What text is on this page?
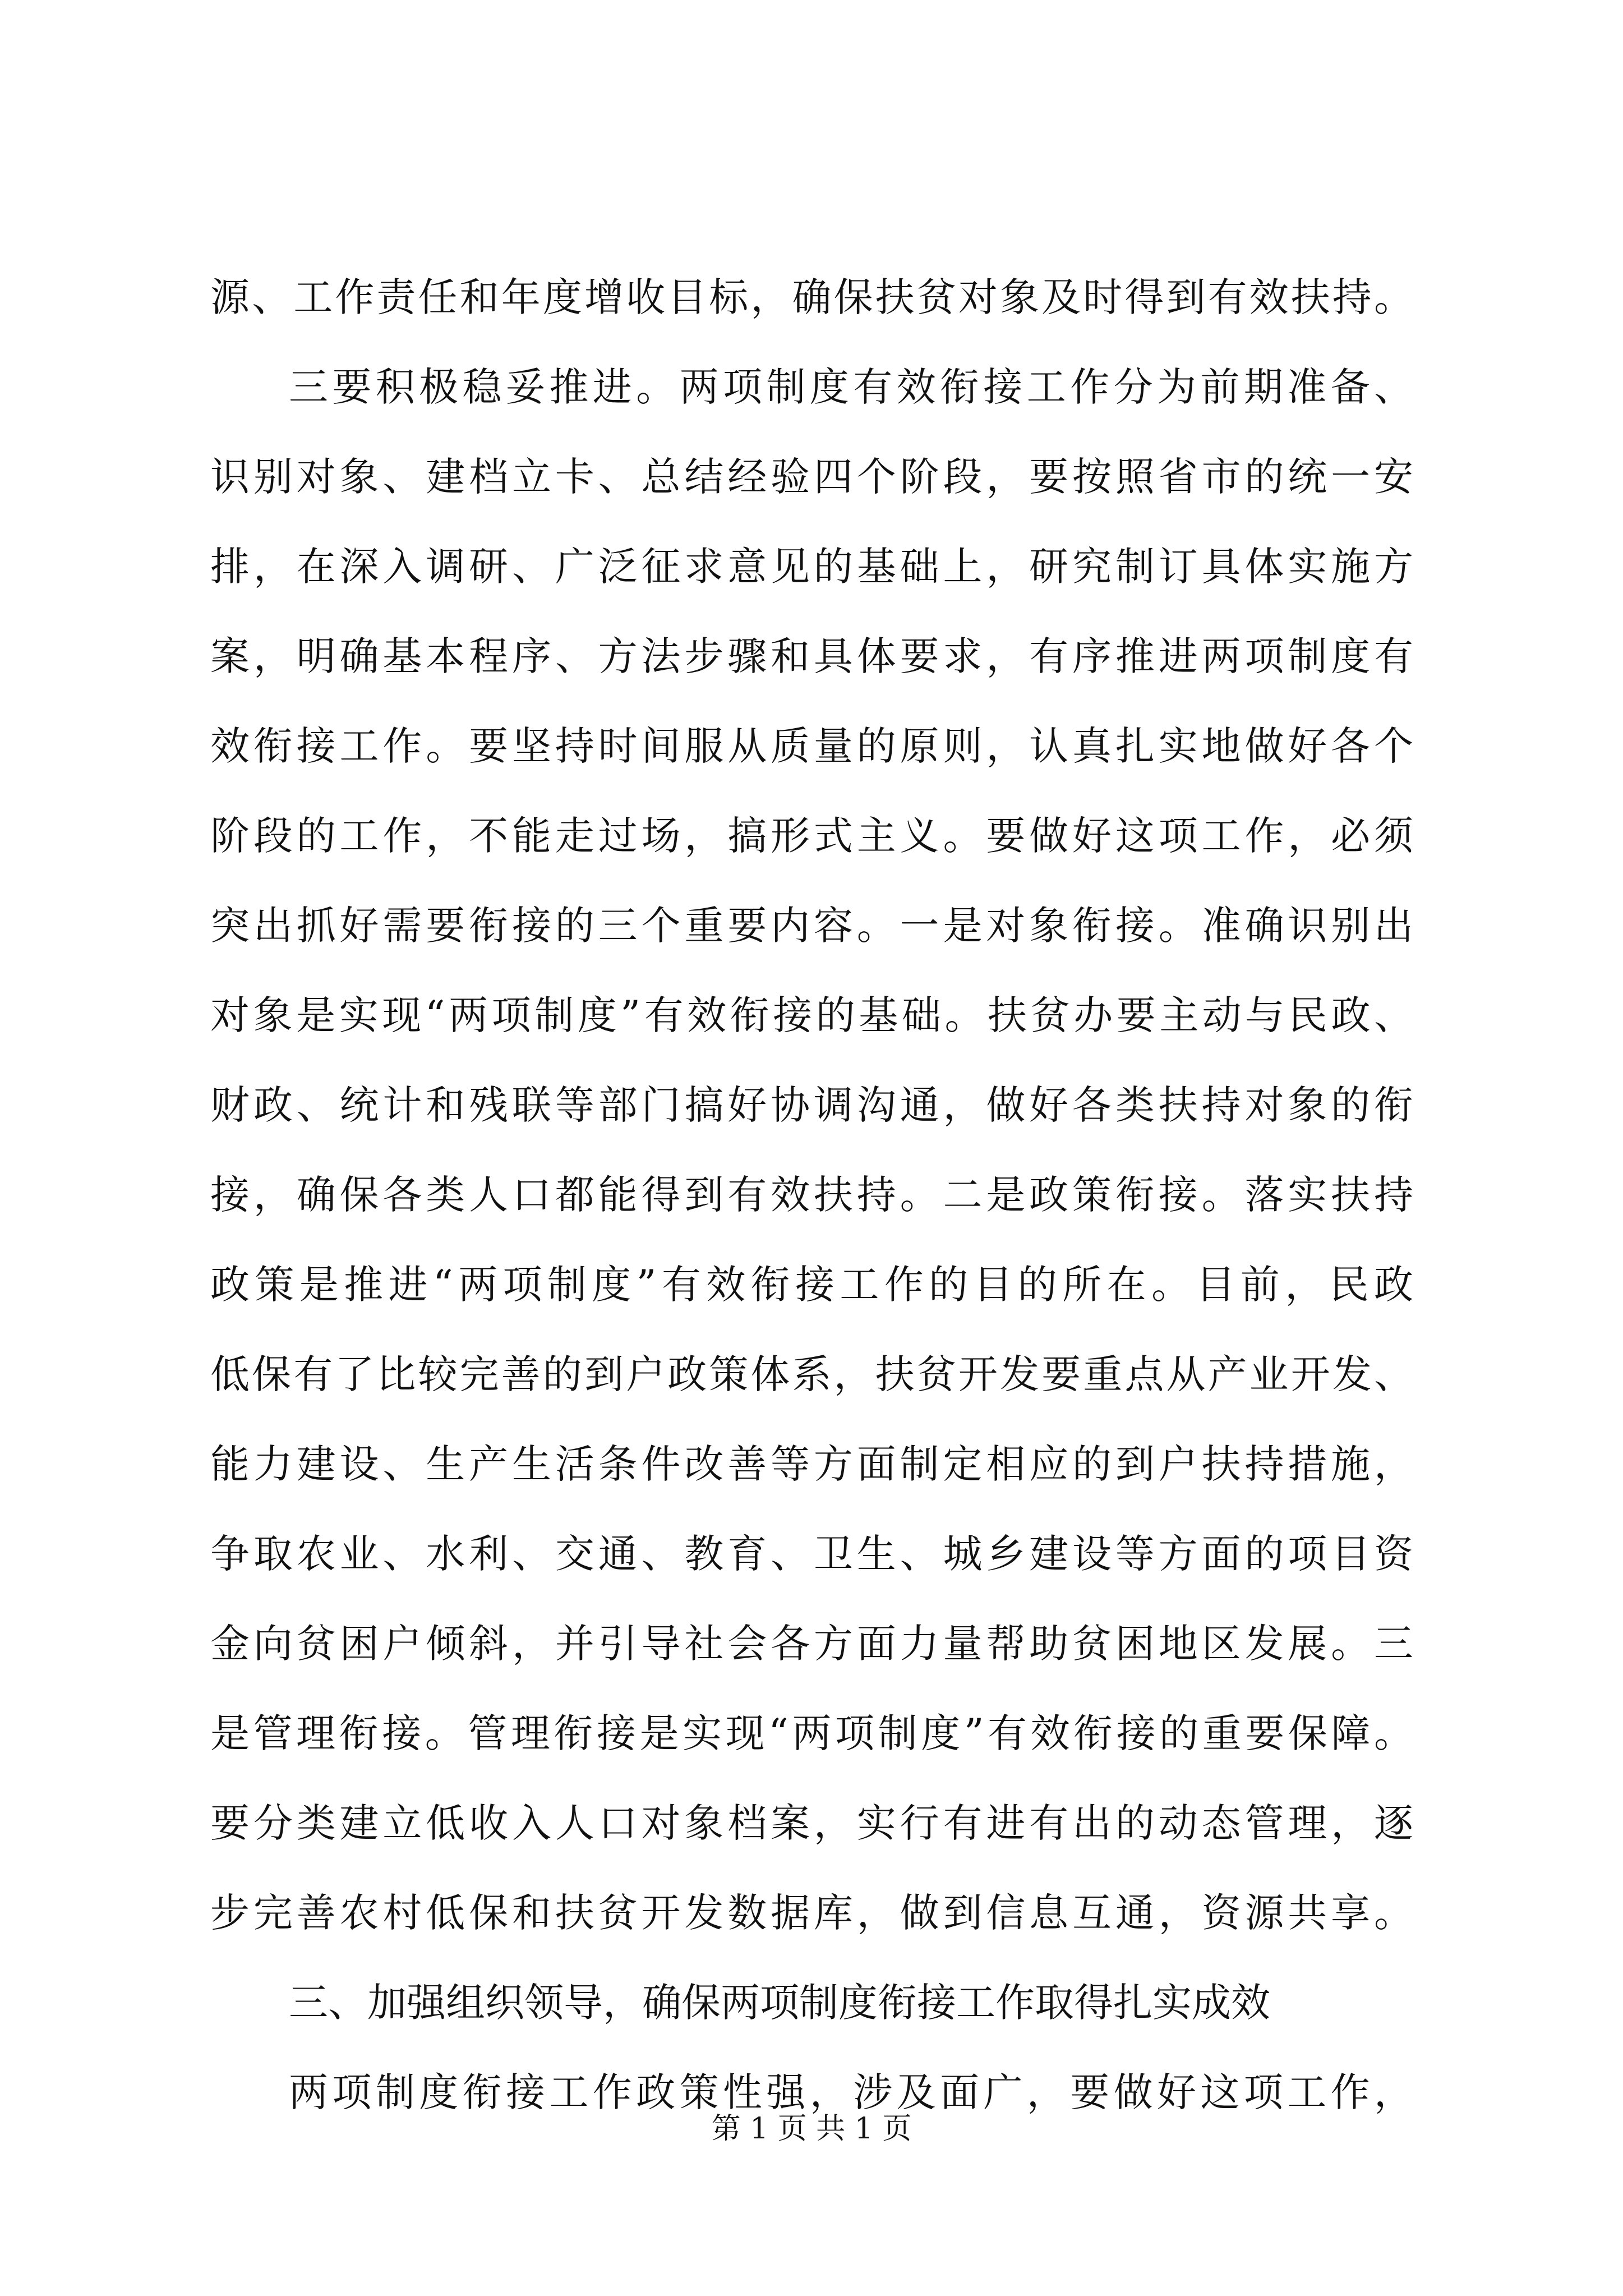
源、工作责任和年度增收目标，确保扶贫对象及时得到有效扶持。
三要积极稳妥推进。两项制度有效衔接工作分为前期准备、
识别对象、建档立卡、总结经验四个阶段，要按照省市的统一安
排，在深入调研、广泛征求意见的基础上，研究制订具体实施方
案，明确基本程序、方法步骤和具体要求，有序推进两项制度有
效衔接工作。要坚持时间服从质量的原则，认真扎实地做好各个
阶段的工作，不能走过场，搞形式主义。要做好这项工作，必须
突出抓好需要衔接的三个重要内容。一是对象衔接。准确识别出
对象是实现“两项制度”有效衔接的基础。扶贫办要主动与民政、
财政、统计和残联等部门搞好协调沟通，做好各类扶持对象的衔
接，确保各类人口都能得到有效扶持。二是政策衔接。落实扶持
政策是推进“两项制度”有效衔接工作的目的所在。目前，民政
低保有了比较完善的到户政策体系，扶贫开发要重点从产业开发、
能力建设、生产生活条件改善等方面制定相应的到户扶持措施，
争取农业、水利、交通、教育、卫生、城乡建设等方面的项目资
金向贫困户倾斜，并引导社会各方面力量帮助贫困地区发展。三
是管理衔接。管理衔接是实现“两项制度”有效衔接的重要保障。
要分类建立低收入人口对象档案，实行有进有出的动态管理，逐
步完善农村低保和扶贫开发数据库，做到信息互通，资源共享。
三、加强组织领导，确保两项制度衔接工作取得扎实成效
两项制度衔接工作政策性强，涉及面广，要做好这项工作，
第 1 页 共 1 页
